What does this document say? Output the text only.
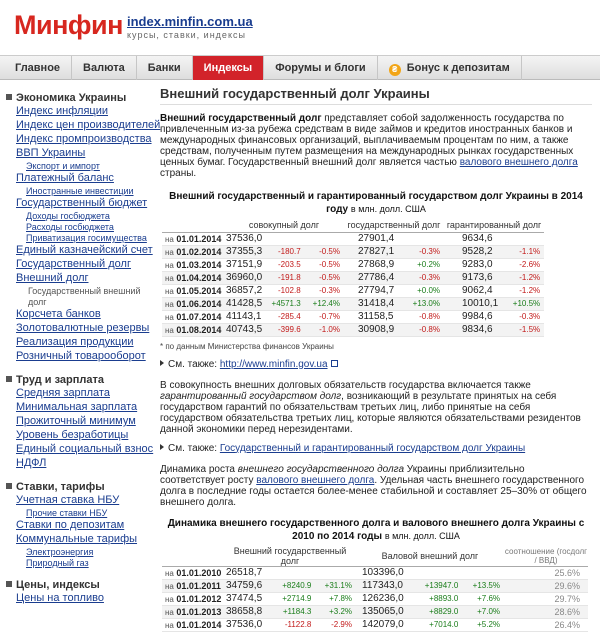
Минфин index.minfin.com.ua
курсы, ставки, индексы
Главное	Валюта	Банки	Индексы	Форумы и блоги	₴ Бонус к депозитам
Экономика Украины
Индекс инфляции
Индекс цен производителей
Индекс промпроизводства
ВВП Украины
Экспорт и импорт
Платежный баланс
Иностранные инвестиции
Государственный бюджет
Доходы госбюджета
Расходы госбюджета
Приватизация госимущества
Единый казначейский счет
Государственный долг
Внешний долг
Государственный внешний
долг
Корсчета банков
Золотовалютные резервы
Реализация продукции
Розничный товарооборот
Труд и зарплата
Средняя зарплата
Минимальная зарплата
Прожиточный минимум
Уровень безработицы
Единый социальный взнос
НДФЛ
Ставки, тарифы
Учетная ставка НБУ
Прочие ставки НБУ
Ставки по депозитам
Коммунальные тарифы
Электроэнергия
Природный газ
Цены, индексы
Цены на топливо
Внешний государственный долг Украины

Внешний государственный долг представляет собой задолженность государства по привлеченным из-за рубежа средствам в виде займов и кредитов иностранных банков и международных финансовых организаций, выплачиваемым процентам по ним, а также средствам, полученным путем размещения на международных рынках государственных ценных бумаг. Государственный внешний долг является частью валового внешнего долга страны.

Внешний государственный и гарантированный государством долг Украины в 2014 году в млн. долл. США
	совокупный долг			государственный долг		гарантированный долг	
на 01.01.2014	37536,0			27901,4		9634,6	
на 01.02.2014	37355,3	-180.7	-0.5%	27827,1	-0.3%	9528,2	-1.1%
на 01.03.2014	37151,9	-203.5	-0.5%	27868,9	+0.2%	9283,0	-2.6%
на 01.04.2014	36960,0	-191.8	-0.5%	27786,4	-0.3%	9173,6	-1.2%
на 01.05.2014	36857,2	-102.8	-0.3%	27794,7	+0.0%	9062,4	-1.2%
на 01.06.2014	41428,5	+4571.3	+12.4%	31418,4	+13.0%	10010,1	+10.5%
на 01.07.2014	41143,1	-285.4	-0.7%	31158,5	-0.8%	9984,6	-0.3%
на 01.08.2014	40743,5	-399.6	-1.0%	30908,9	-0.8%	9834,6	-1.5%
* по данным Министерства финансов Украины
См. также: http://www.minfin.gov.ua

В совокупность внешних долговых обязательств государства включается также гарантированный государством долг, возникающий в результате принятых на себя государством гарантий по обязательствам третьих лиц, либо принятые на себя государством обязательства третьих лиц, которые являются обязательствами резидентов данной экономики перед нерезидентами.

См. также: Государственный и гарантированный государством долг Украины

Динамика роста внешнего государственного долга Украины приблизительно соответствует росту валового внешнего долга. Удельная часть внешнего государственного долга в последние годы остается более-менее стабильной и составляет 25–30% от общего внешнего долга.

Динамика внешнего государственного долга и валового внешнего долга Украины с 2010 по 2014 годы в млн. долл. США
	Внешний государственный долг			Валовой внешний долг			соотношение (госдолг / ВВД)
на 01.01.2010	26518,7			103396,0			25.6%
на 01.01.2011	34759,6	+8240.9	+31.1%	117343,0	+13947.0	+13.5%	29.6%
на 01.01.2012	37474,5	+2714.9	+7.8%	126236,0	+8893.0	+7.6%	29.7%
на 01.01.2013	38658,8	+1184.3	+3.2%	135065,0	+8829.0	+7.0%	28.6%
на 01.01.2014	37536,0	-1122.8	-2.9%	142079,0	+7014.0	+5.2%	26.4%
